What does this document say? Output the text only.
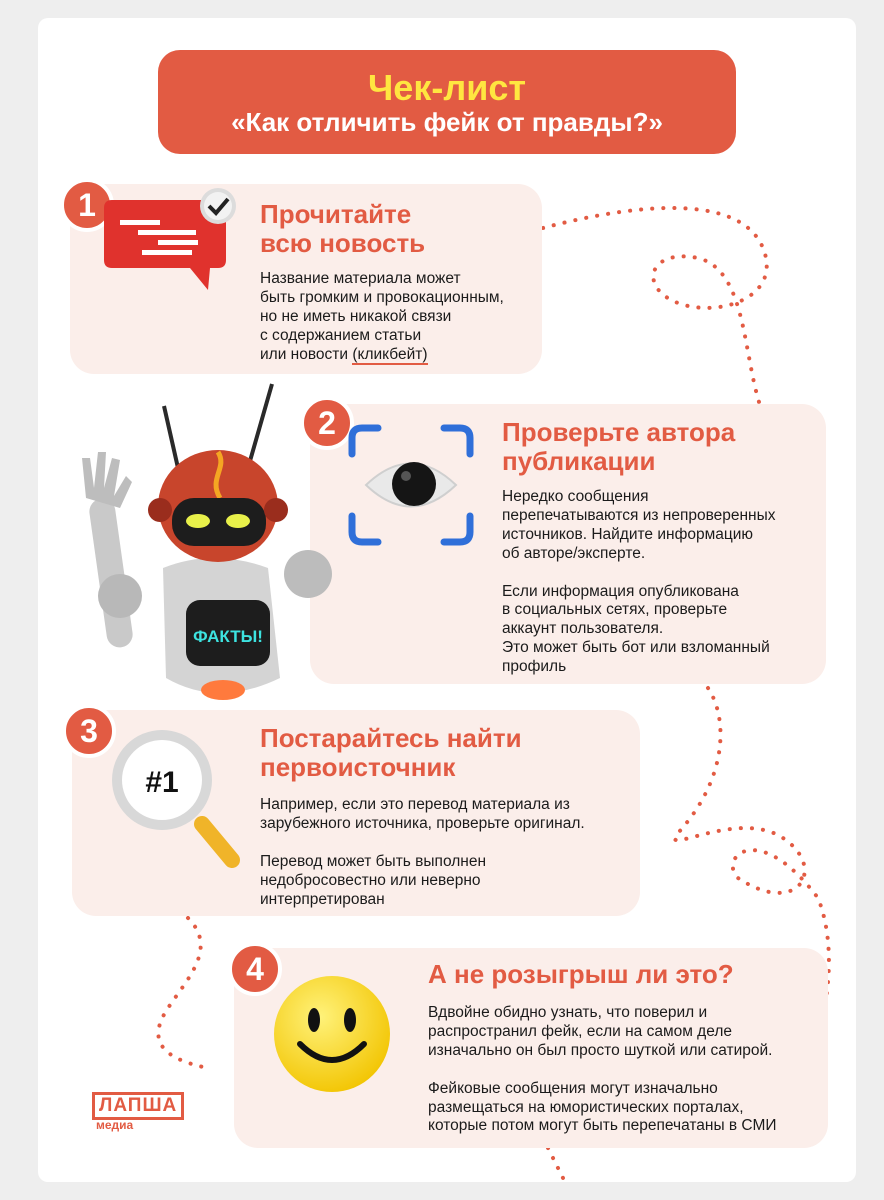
Чек-лист
«Как отличить фейк от правды?»
1	Прочитайте
всю новость
Название материала может
быть громким и провокационным,
но не иметь никакой связи
с содержанием статьи
или новости (кликбейт)
2	Проверьте автора
публикации
Нередко сообщения
перепечатываются из непроверенных
источников. Найдите информацию
об авторе/эксперте.

Если информация опубликована
в социальных сетях, проверьте
аккаунт пользователя.
Это может быть бот или взломанный
профиль
ФАКТЫ!
3
#1
Постарайтесь найти
первоисточник
Например, если это перевод материала из
зарубежного источника, проверьте оригинал.

Перевод может быть выполнен
недобросовестно или неверно
интерпретирован
4	А не розыгрыш ли это?
Вдвойне обидно узнать, что поверил и
распространил фейк, если на самом деле
изначально он был просто шуткой или сатирой.

Фейковые сообщения могут изначально
размещаться на юмористических порталах,
которые потом могут быть перепечатаны в СМИ
ЛАПША
медиа
